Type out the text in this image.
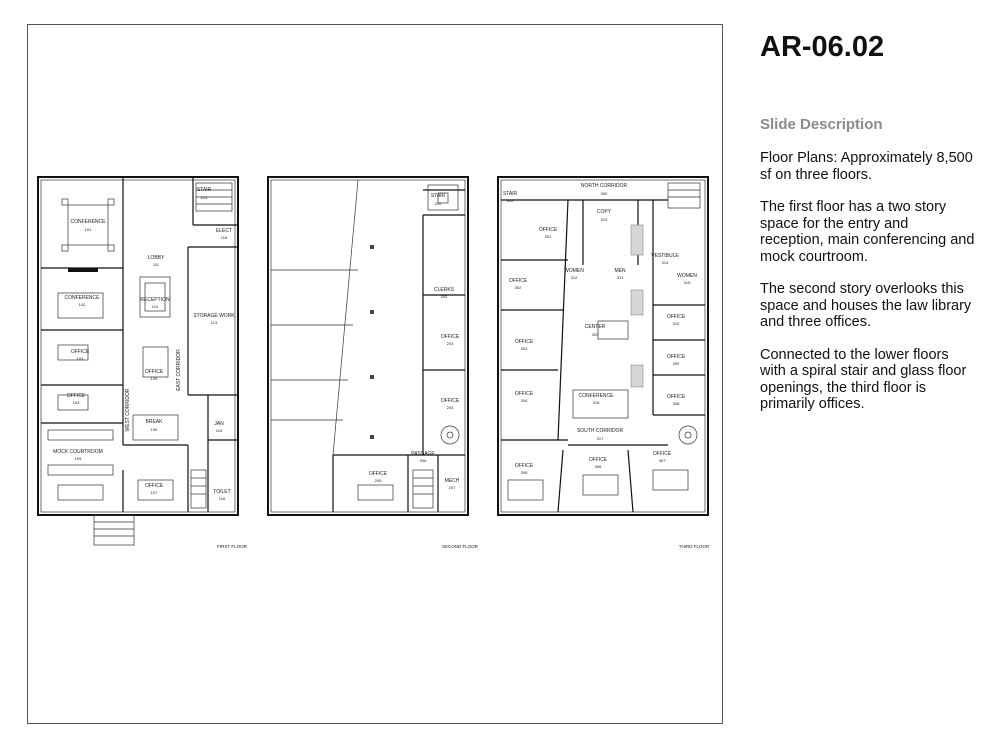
CONFERENCE
101
LOBBY
111
STAIR
120
ELECT
118
CONFERENCE
102
RECEPTION
110
STORAGE WORK
113
OFFICE
103
OFFICE
109
OFFICE
104	WEST CORRIDOR
EAST CORRIDOR
BREAK
106
JAN
115
MOCK COURTROOM
105
OFFICE
107	TOILET
116
FIRST FLOOR
STAIR
220
CLERKS
202
OFFICE
203
OFFICE
204
PASSAGE
206
OFFICE
205	MECH
207
SECOND FLOOR
STAIR
320
NORTH CORRIDOR
300
COPY
313
OFFICE
301
OFFICE
302
WOMEN
312
MEN
311
VESTIBULE
314
WOMEN
315
OFFICE
303
CENTER
320
OFFICE
310
OFFICE
309
OFFICE
304
CONFERENCE
318
OFFICE
308
SOUTH CORRIDOR
317
OFFICE
305
OFFICE
306
OFFICE
307
THIRD FLOOR
AR-06.02
Slide Description

Floor Plans: Approximately 8,500 sf on three floors.

The first floor has a two story space for the entry and reception, main conferencing and mock courtroom.

The second story overlooks this space and houses the law library and three offices.

Connected to the lower floors with a spiral stair and glass floor openings, the third floor is primarily offices.
